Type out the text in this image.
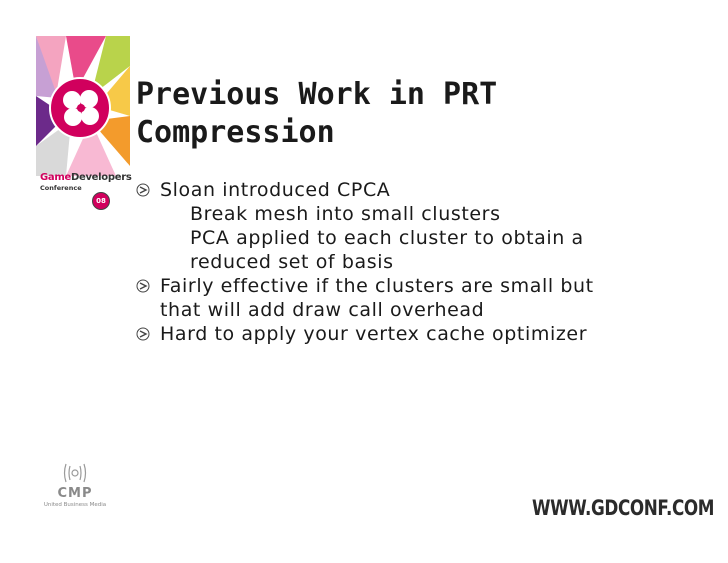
GameDevelopers
Conference
08
Previous Work in PRT
Compression
Sloan introduced CPCA
Break mesh into small clusters
PCA applied to each cluster to obtain a
reduced set of basis
Fairly effective if the clusters are small but
that will add draw call overhead
Hard to apply your vertex cache optimizer
CMP
United Business Media	WWW.GDCONF.COM
